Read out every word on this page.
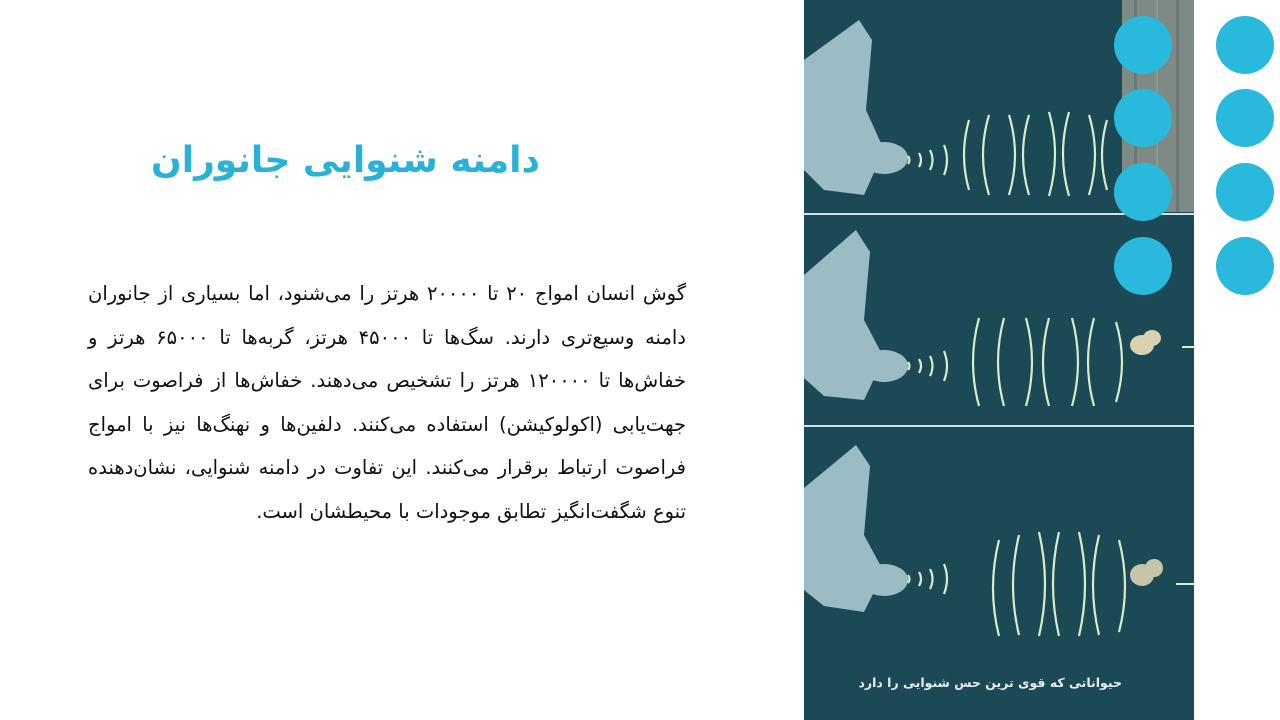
دامنه شنوایی جانوران
گوش انسان امواج ۲۰ تا ۲۰۰۰۰ هرتز را می‌شنود، اما بسیاری از جانوران دامنه وسیع‌تری دارند. سگ‌ها تا ۴۵۰۰۰ هرتز، گربه‌ها تا ۶۵۰۰۰ هرتز و خفاش‌ها تا ۱۲۰۰۰۰ هرتز را تشخیص می‌دهند. خفاش‌ها از فراصوت برای جهت‌یابی (اکولوکیشن) استفاده می‌کنند. دلفین‌ها و نهنگ‌ها نیز با امواج فراصوت ارتباط برقرار می‌کنند. این تفاوت در دامنه شنوایی، نشان‌دهنده تنوع شگفت‌انگیز تطابق موجودات با محیطشان است.
حیواناتی که قوی ترین حس شنوایی را دارد
